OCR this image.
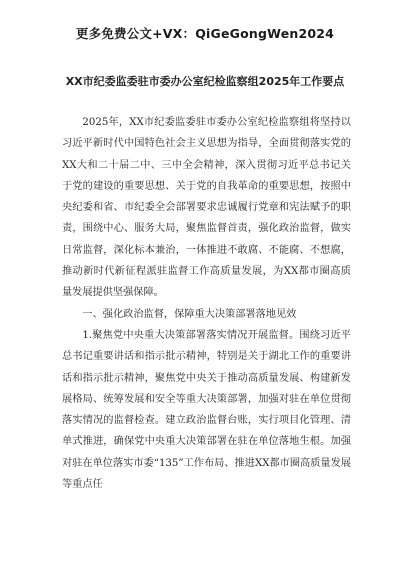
更多免费公文+VX：QiGeGongWen2024
XX市纪委监委驻市委办公室纪检监察组2025年工作要点

2025年，XX市纪委监委驻市委办公室纪检监察组将坚持以习近平新时代中国特色社会主义思想为指导，全面贯彻落实党的XX大和二十届二中、三中全会精神，深入贯彻习近平总书记关于党的建设的重要思想、关于党的自我革命的重要思想，按照中央纪委和省、市纪委全会部署要求忠诚履行党章和宪法赋予的职责，围绕中心、服务大局，聚焦监督首责，强化政治监督，做实日常监督，深化标本兼治，一体推进不敢腐、不能腐、不想腐，推动新时代新征程派驻监督工作高质量发展，为XX都市圈高质量发展提供坚强保障。

一、强化政治监督，保障重大决策部署落地见效

1.聚焦党中央重大决策部署落实情况开展监督。围绕习近平总书记重要讲话和指示批示精神，特别是关于湖北工作的重要讲话和指示批示精神，聚焦党中央关于推动高质量发展、构建新发展格局、统筹发展和安全等重大决策部署，加强对驻在单位贯彻落实情况的监督检查。建立政治监督台账，实行项目化管理、清单式推进，确保党中央重大决策部署在驻在单位落地生根。加强对驻在单位落实市委“135”工作布局、推进XX都市圈高质量发展等重点任
